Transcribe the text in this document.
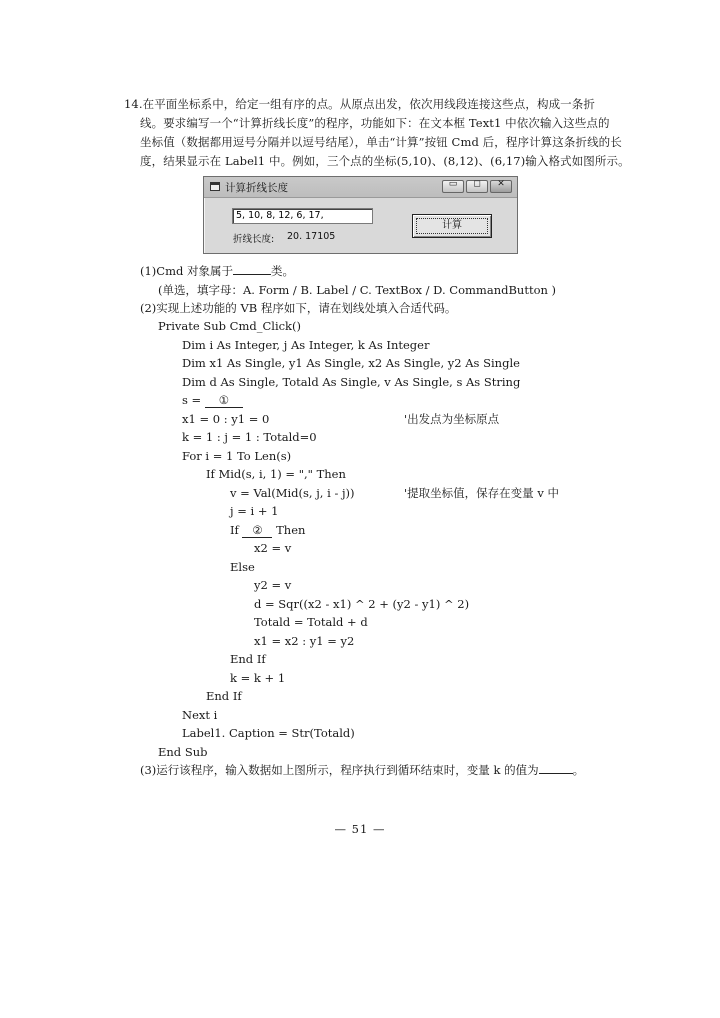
14.在平面坐标系中，给定一组有序的点。从原点出发，依次用线段连接这些点，构成一条折
线。要求编写一个“计算折线长度”的程序，功能如下：在文本框 Text1 中依次输入这些点的
坐标值（数据都用逗号分隔并以逗号结尾），单击“计算”按钮 Cmd 后，程序计算这条折线的长
度，结果显示在 Label1 中。例如，三个点的坐标(5,10)、(8,12)、(6,17)输入格式如图所示。
计算折线长度	▭	◻	✕
5, 10, 8, 12, 6, 17,
折线长度: 20. 17105
计算
(1)Cmd 对象属于	类。
(单选，填字母：A. Form / B. Label / C. TextBox / D. CommandButton )
(2)实现上述功能的 VB 程序如下，请在划线处填入合适代码。
Private Sub Cmd_Click()
Dim i As Integer, j As Integer, k As Integer
Dim x1 As Single, y1 As Single, x2 As Single, y2 As Single
Dim d As Single, Totald As Single, v As Single, s As String
s = ①
x1 = 0 : y1 = 0	'出发点为坐标原点
k = 1 : j = 1 : Totald=0
For i = 1 To Len(s)
If Mid(s, i, 1) = "," Then
v = Val(Mid(s, j, i - j))	'提取坐标值，保存在变量 v 中
j = i + 1
If ② Then
x2 = v
Else
y2 = v
d = Sqr((x2 - x1) ^ 2 + (y2 - y1) ^ 2)
Totald = Totald + d
x1 = x2 : y1 = y2
End If
k = k + 1
End If
Next i
Label1. Caption = Str(Totald)
End Sub
(3)运行该程序，输入数据如上图所示，程序执行到循环结束时，变量 k 的值为	。
— 51 —
